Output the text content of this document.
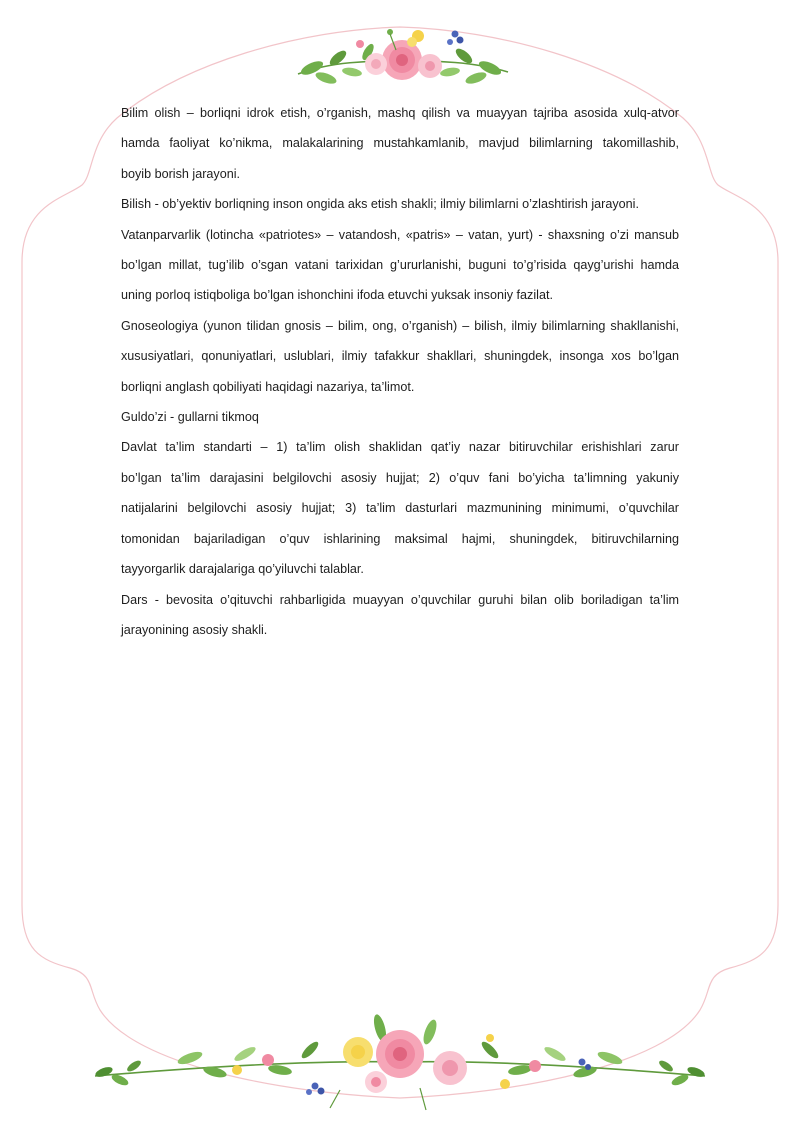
Bilim olish – borliqni idrok etish, o’rganish, mashq qilish va muayyan tajriba asosida xulq-atvor
hamda faoliyat ko’nikma, malakalarining mustahkamlanib, mavjud bilimlarning takomillashib,
boyib borish jarayoni.

Bilish - ob’yektiv borliqning inson ongida aks etish shakli; ilmiy bilimlarni o’zlashtirish jarayoni.

Vatanparvarlik (lotincha «patriotes» – vatandosh, «patris» – vatan, yurt) - shaxsning o’zi mansub
bo’lgan millat, tug’ilib o’sgan vatani tarixidan g’ururlanishi, buguni to’g’risida qayg’urishi hamda
uning porloq istiqboliga bo’lgan ishonchini ifoda etuvchi yuksak insoniy fazilat.

Gnoseologiya (yunon tilidan gnosis – bilim, ong, o’rganish) – bilish, ilmiy bilimlarning shakllanishi,
xususiyatlari, qonuniyatlari, uslublari, ilmiy tafakkur shakllari, shuningdek, insonga xos bo’lgan
borliqni anglash qobiliyati haqidagi nazariya, ta’limot.

Guldo’zi - gullarni tikmoq

Davlat ta’lim standarti – 1) ta’lim olish shaklidan qat’iy nazar bitiruvchilar erishishlari zarur
bo’lgan ta’lim darajasini belgilovchi asosiy hujjat; 2) o’quv fani bo’yicha ta’limning yakuniy
natijalarini belgilovchi asosiy hujjat; 3) ta’lim dasturlari mazmunining minimumi, o’quvchilar
tomonidan bajariladigan o’quv ishlarining maksimal hajmi, shuningdek, bitiruvchilarning
tayyorgarlik darajalariga qo’yiluvchi talablar.

Dars - bevosita o’qituvchi rahbarligida muayyan o’quvchilar guruhi bilan olib boriladigan ta’lim
jarayonining asosiy shakli.
